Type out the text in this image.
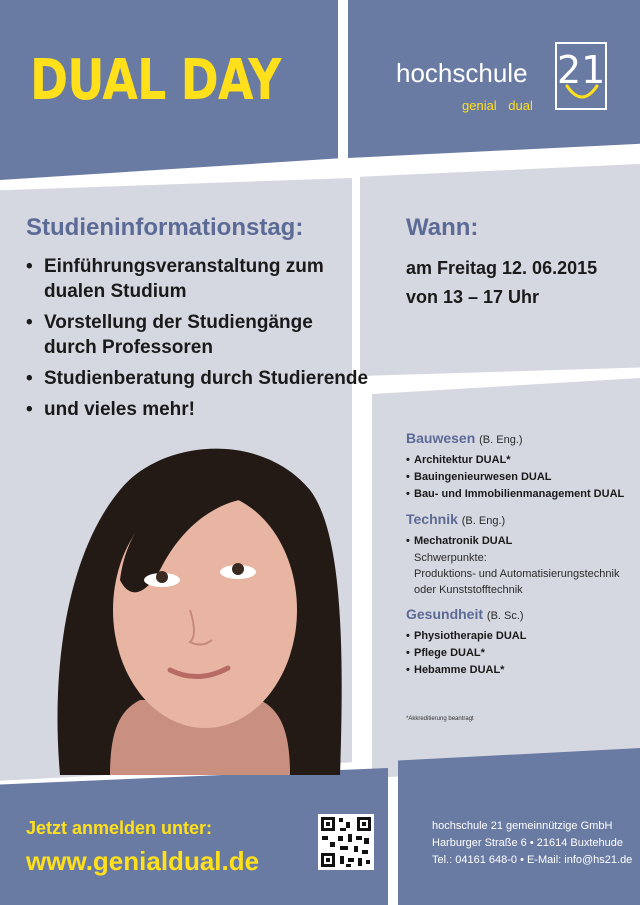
DUAL DAY	hochschule
genial dual
21
Studieninformationstag:
• Einführungsveranstaltung zum dualen Studium
• Vorstellung der Studiengänge durch Professoren
• Studienberatung durch Studierende
• und vieles mehr!
Wann:
am Freitag 12. 06.2015
von 13 – 17 Uhr
Bauwesen (B. Eng.)
• Architektur DUAL*
• Bauingenieurwesen DUAL
• Bau- und Immobilienmanagement DUAL
Technik (B. Eng.)
• Mechatronik DUAL
Schwerpunkte:
Produktions- und Automatisierungstechnik
oder Kunststofftechnik
Gesundheit (B. Sc.)
• Physiotherapie DUAL
• Pflege DUAL*
• Hebamme DUAL*
*Akkreditierung beantragt
Jetzt anmelden unter:
www.genialdual.de
hochschule 21 gemeinnützige GmbH
Harburger Straße 6 • 21614 Buxtehude
Tel.: 04161 648-0 • E-Mail: info@hs21.de
